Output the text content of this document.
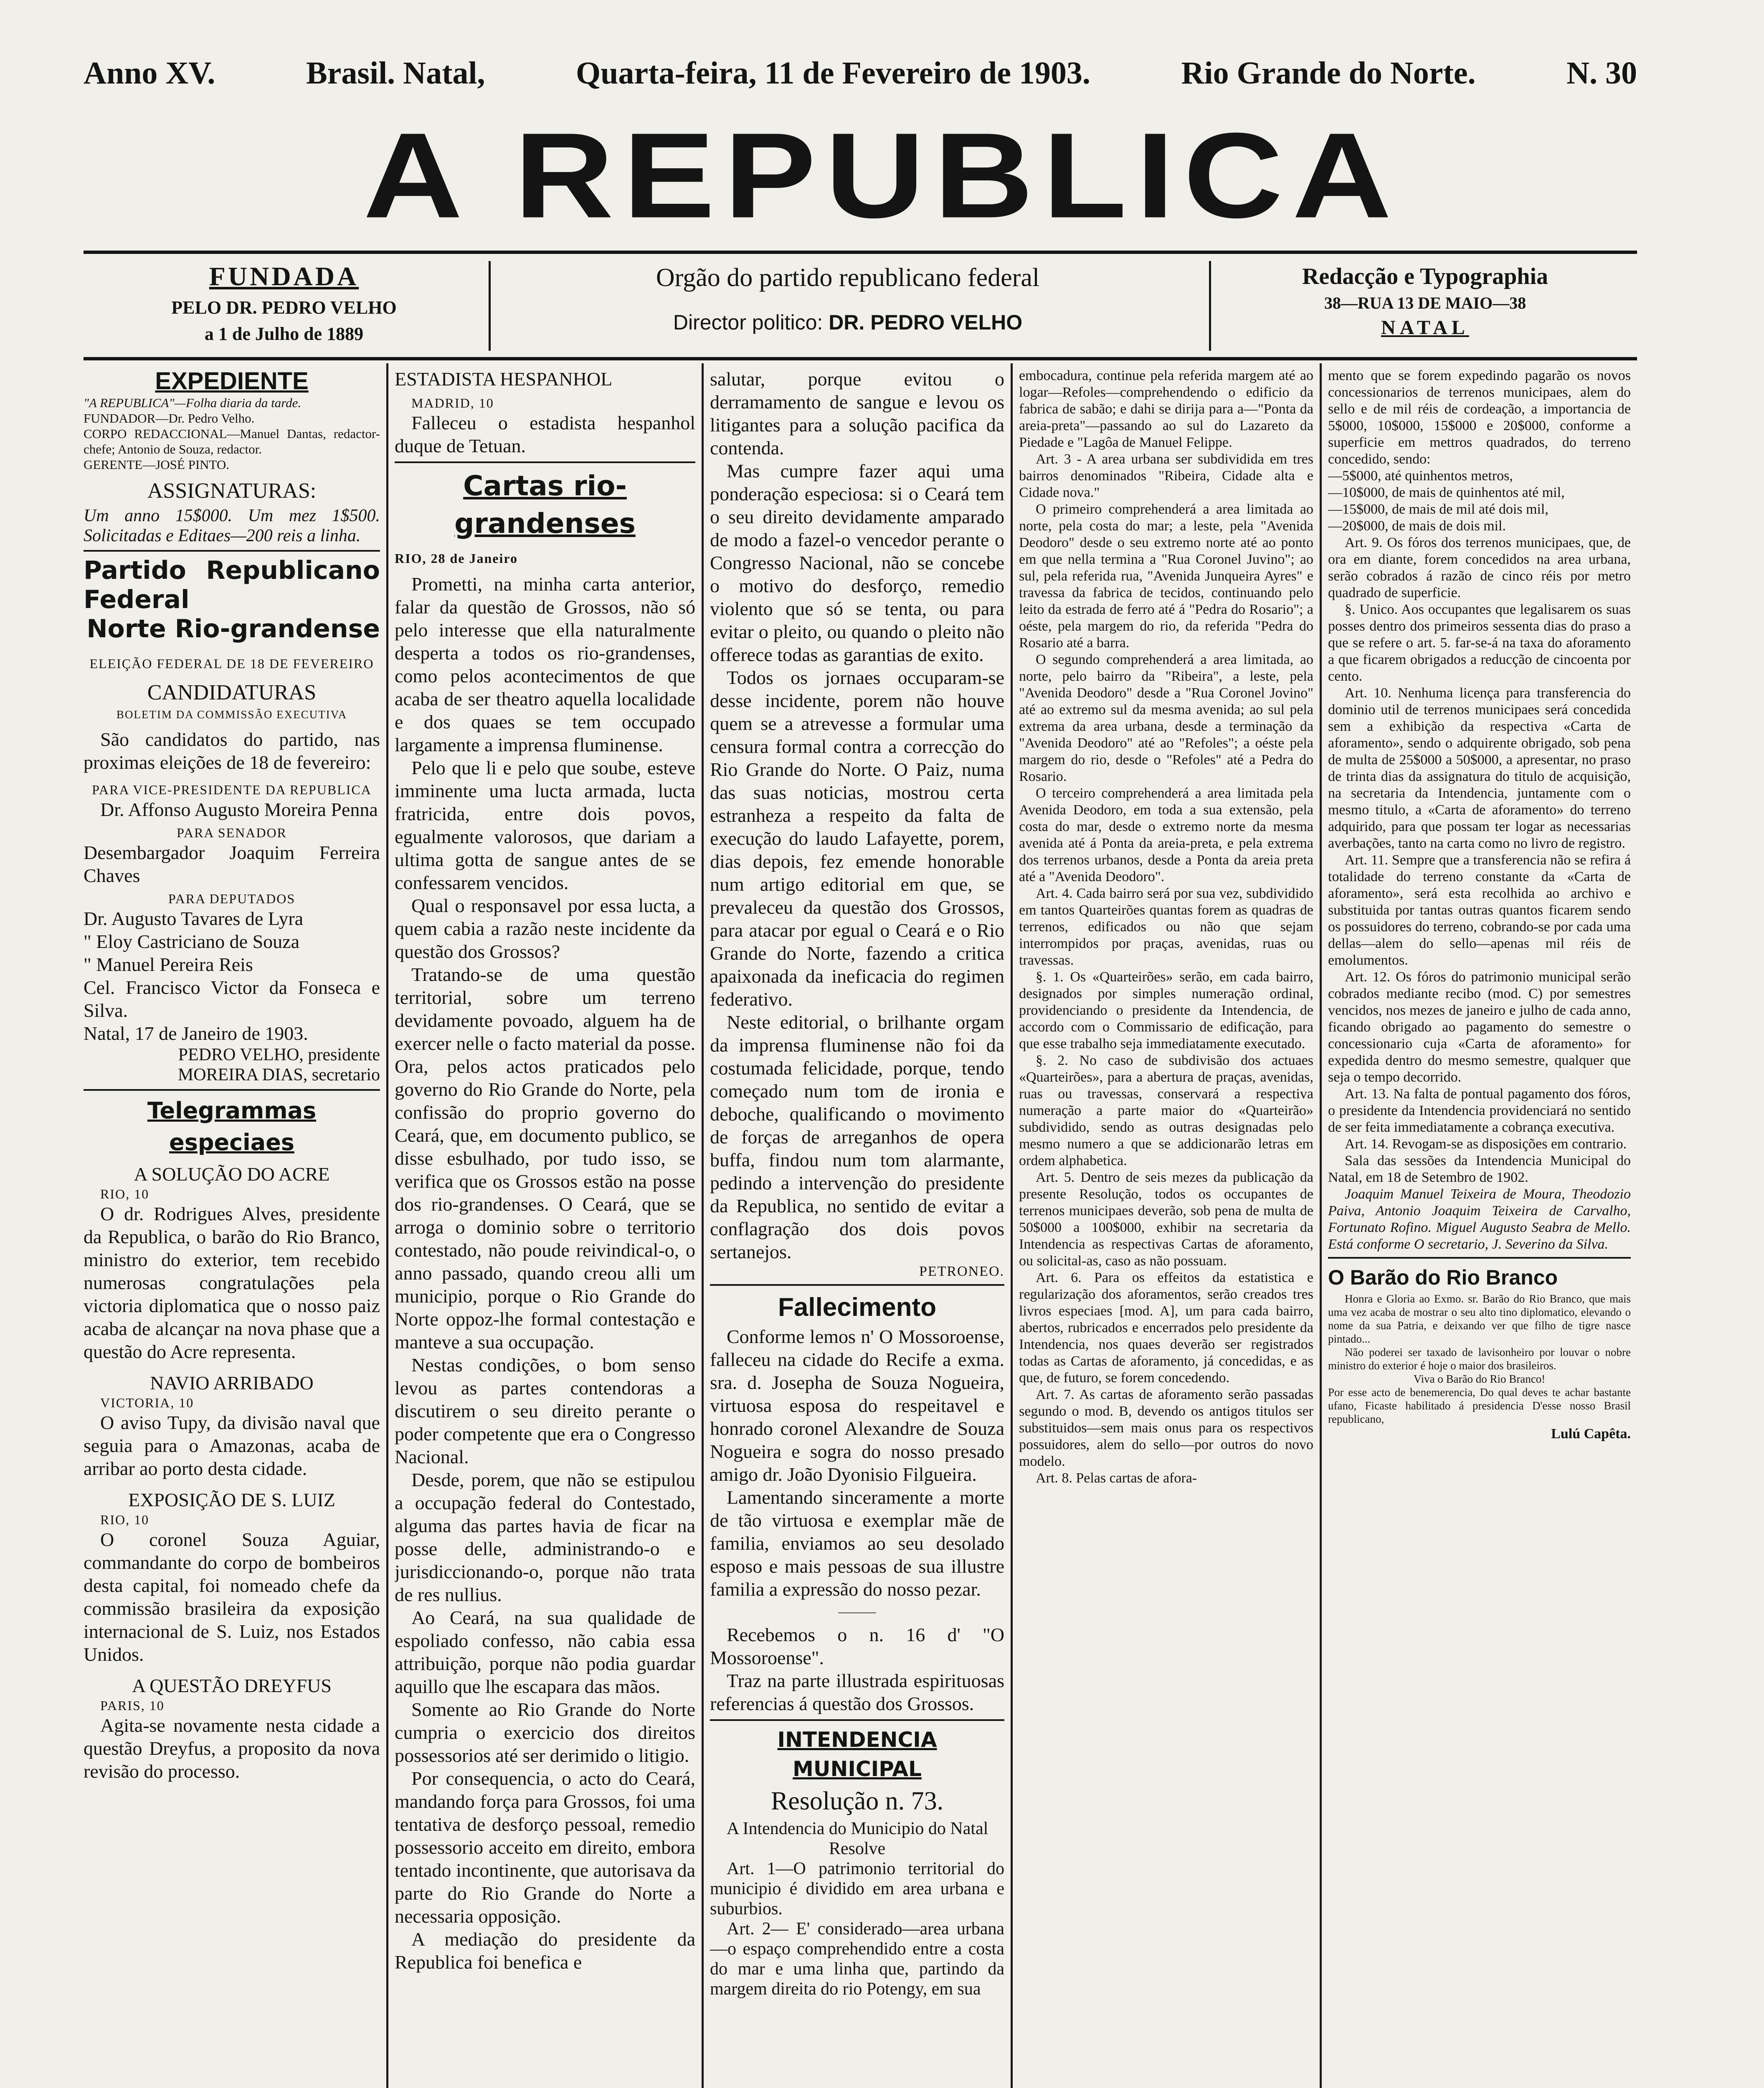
Anno XV.	Brasil. Natal,	Quarta-feira, 11 de Fevereiro de 1903.	Rio Grande do Norte.	N. 30
A REPUBLICA
FUNDADA
PELO DR. PEDRO VELHO
a 1 de Julho de 1889
Orgão do partido republicano federal
Director politico: DR. PEDRO VELHO
Redacção e Typographia
38—RUA 13 DE MAIO—38
NATAL
EXPEDIENTE
"A REPUBLICA"—Folha diaria da tarde.
FUNDADOR—Dr. Pedro Velho.
CORPO REDACCIONAL—Manuel Dantas, redactor-chefe; Antonio de Souza, redactor.
GERENTE—JOSÉ PINTO.
ASSIGNATURAS:
Um anno 15$000. Um mez 1$500. Solicitadas e Editaes—200 reis a linha.
Partido Republicano Federal
Norte Rio-grandense
ELEIÇÃO FEDERAL DE 18 DE FEVEREIRO
CANDIDATURAS
BOLETIM DA COMMISSÃO EXECUTIVA
São candidatos do partido, nas proximas eleições de 18 de fevereiro:
PARA VICE-PRESIDENTE DA REPUBLICA
Dr. Affonso Augusto Moreira Penna
PARA SENADOR
Desembargador Joaquim Ferreira Chaves
PARA DEPUTADOS
Dr. Augusto Tavares de Lyra
" Eloy Castriciano de Souza
" Manuel Pereira Reis
Cel. Francisco Victor da Fonseca e Silva.
Natal, 17 de Janeiro de 1903.
PEDRO VELHO, presidente
MOREIRA DIAS, secretario
Telegrammas especiaes
A SOLUÇÃO DO ACRE
RIO, 10
O dr. Rodrigues Alves, presidente da Republica, o barão do Rio Branco, ministro do exterior, tem recebido numerosas congratulações pela victoria diplomatica que o nosso paiz acaba de alcançar na nova phase que a questão do Acre representa.
NAVIO ARRIBADO
VICTORIA, 10
O aviso Tupy, da divisão naval que seguia para o Amazonas, acaba de arribar ao porto desta cidade.
EXPOSIÇÃO DE S. LUIZ
RIO, 10
O coronel Souza Aguiar, commandante do corpo de bombeiros desta capital, foi nomeado chefe da commissão brasileira da exposição internacional de S. Luiz, nos Estados Unidos.
A QUESTÃO DREYFUS
PARIS, 10
Agita-se novamente nesta cidade a questão Dreyfus, a proposito da nova revisão do processo.
ESTADISTA HESPANHOL
MADRID, 10
Falleceu o estadista hespanhol duque de Tetuan.
Cartas rio-grandenses
RIO, 28 de Janeiro
Prometti, na minha carta anterior, falar da questão de Grossos, não só pelo interesse que ella naturalmente desperta a todos os rio-grandenses, como pelos acontecimentos de que acaba de ser theatro aquella localidade e dos quaes se tem occupado largamente a imprensa fluminense.
Pelo que li e pelo que soube, esteve imminente uma lucta armada, lucta fratricida, entre dois povos, egualmente valorosos, que dariam a ultima gotta de sangue antes de se confessarem vencidos.
Qual o responsavel por essa lucta, a quem cabia a razão neste incidente da questão dos Grossos?
Tratando-se de uma questão territorial, sobre um terreno devidamente povoado, alguem ha de exercer nelle o facto material da posse. Ora, pelos actos praticados pelo governo do Rio Grande do Norte, pela confissão do proprio governo do Ceará, que, em documento publico, se disse esbulhado, por tudo isso, se verifica que os Grossos estão na posse dos rio-grandenses. O Ceará, que se arroga o dominio sobre o territorio contestado, não poude reivindical-o, o anno passado, quando creou alli um municipio, porque o Rio Grande do Norte oppoz-lhe formal contestação e manteve a sua occupação.
Nestas condições, o bom senso levou as partes contendoras a discutirem o seu direito perante o poder competente que era o Congresso Nacional.
Desde, porem, que não se estipulou a occupação federal do Contestado, alguma das partes havia de ficar na posse delle, administrando-o e jurisdiccionando-o, porque não trata de res nullius.
Ao Ceará, na sua qualidade de espoliado confesso, não cabia essa attribuição, porque não podia guardar aquillo que lhe escapara das mãos.
Somente ao Rio Grande do Norte cumpria o exercicio dos direitos possessorios até ser derimido o litigio.
Por consequencia, o acto do Ceará, mandando força para Grossos, foi uma tentativa de desforço pessoal, remedio possessorio acceito em direito, embora tentado incontinente, que autorisava da parte do Rio Grande do Norte a necessaria opposição.
A mediação do presidente da Republica foi benefica e
salutar, porque evitou o derramamento de sangue e levou os litigantes para a solução pacifica da contenda.
Mas cumpre fazer aqui uma ponderação especiosa: si o Ceará tem o seu direito devidamente amparado de modo a fazel-o vencedor perante o Congresso Nacional, não se concebe o motivo do desforço, remedio violento que só se tenta, ou para evitar o pleito, ou quando o pleito não offerece todas as garantias de exito.
Todos os jornaes occuparam-se desse incidente, porem não houve quem se a atrevesse a formular uma censura formal contra a correcção do Rio Grande do Norte. O Paiz, numa das suas noticias, mostrou certa estranheza a respeito da falta de execução do laudo Lafayette, porem, dias depois, fez emende honorable num artigo editorial em que, se prevaleceu da questão dos Grossos, para atacar por egual o Ceará e o Rio Grande do Norte, fazendo a critica apaixonada da ineficacia do regimen federativo.
Neste editorial, o brilhante orgam da imprensa fluminense não foi da costumada felicidade, porque, tendo começado num tom de ironia e deboche, qualificando o movimento de forças de arreganhos de opera buffa, findou num tom alarmante, pedindo a intervenção do presidente da Republica, no sentido de evitar a conflagração dos dois povos sertanejos.
PETRONEO.
Fallecimento
Conforme lemos n' O Mossoroense, falleceu na cidade do Recife a exma. sra. d. Josepha de Souza Nogueira, virtuosa esposa do respeitavel e honrado coronel Alexandre de Souza Nogueira e sogra do nosso presado amigo dr. João Dyonisio Filgueira.
Lamentando sinceramente a morte de tão virtuosa e exemplar mãe de familia, enviamos ao seu desolado esposo e mais pessoas de sua illustre familia a expressão do nosso pezar.
———
Recebemos o n. 16 d' "O Mossoroense".
Traz na parte illustrada espirituosas referencias á questão dos Grossos.
INTENDENCIA MUNICIPAL
Resolução n. 73.
A Intendencia do Municipio do Natal
Resolve
Art. 1—O patrimonio territorial do municipio é dividido em area urbana e suburbios.
Art. 2— E' considerado—area urbana—o espaço comprehendido entre a costa do mar e uma linha que, partindo da margem direita do rio Potengy, em sua
embocadura, continue pela referida margem até ao logar—Refoles—comprehendendo o edificio da fabrica de sabão; e dahi se dirija para a—"Ponta da areia-preta"—passando ao sul do Lazareto da Piedade e "Lagôa de Manuel Felippe.
Art. 3 - A area urbana ser subdividida em tres bairros denominados "Ribeira, Cidade alta e Cidade nova."
O primeiro comprehenderá a area limitada ao norte, pela costa do mar; a leste, pela "Avenida Deodoro" desde o seu extremo norte até ao ponto em que nella termina a "Rua Coronel Juvino"; ao sul, pela referida rua, "Avenida Junqueira Ayres" e travessa da fabrica de tecidos, continuando pelo leito da estrada de ferro até á "Pedra do Rosario"; a oéste, pela margem do rio, da referida "Pedra do Rosario até a barra.
O segundo comprehenderá a area limitada, ao norte, pelo bairro da "Ribeira", a leste, pela "Avenida Deodoro" desde a "Rua Coronel Jovino" até ao extremo sul da mesma avenida; ao sul pela extrema da area urbana, desde a terminação da "Avenida Deodoro" até ao "Refoles"; a oéste pela margem do rio, desde o "Refoles" até a Pedra do Rosario.
O terceiro comprehenderá a area limitada pela Avenida Deodoro, em toda a sua extensão, pela costa do mar, desde o extremo norte da mesma avenida até á Ponta da areia-preta, e pela extrema dos terrenos urbanos, desde a Ponta da areia preta até a "Avenida Deodoro".
Art. 4. Cada bairro será por sua vez, subdividido em tantos Quarteirões quantas forem as quadras de terrenos, edificados ou não que sejam interrompidos por praças, avenidas, ruas ou travessas.
§. 1. Os «Quarteirões» serão, em cada bairro, designados por simples numeração ordinal, providenciando o presidente da Intendencia, de accordo com o Commissario de edificação, para que esse trabalho seja immediatamente executado.
§. 2. No caso de subdivisão dos actuaes «Quarteirões», para a abertura de praças, avenidas, ruas ou travessas, conservará a respectiva numeração a parte maior do «Quarteirão» subdividido, sendo as outras designadas pelo mesmo numero a que se addicionarão letras em ordem alphabetica.
Art. 5. Dentro de seis mezes da publicação da presente Resolução, todos os occupantes de terrenos municipaes deverão, sob pena de multa de 50$000 a 100$000, exhibir na secretaria da Intendencia as respectivas Cartas de aforamento, ou solicital-as, caso as não possuam.
Art. 6. Para os effeitos da estatistica e regularização dos aforamentos, serão creados tres livros especiaes [mod. A], um para cada bairro, abertos, rubricados e encerrados pelo presidente da Intendencia, nos quaes deverão ser registrados todas as Cartas de aforamento, já concedidas, e as que, de futuro, se forem concedendo.
Art. 7. As cartas de aforamento serão passadas segundo o mod. B, devendo os antigos titulos ser substituidos—sem mais onus para os respectivos possuidores, alem do sello—por outros do novo modelo.
Art. 8. Pelas cartas de afora-
mento que se forem expedindo pagarão os novos concessionarios de terrenos municipaes, alem do sello e de mil réis de cordeação, a importancia de 5$000, 10$000, 15$000 e 20$000, conforme a superficie em mettros quadrados, do terreno concedido, sendo:
—5$000, até quinhentos metros,
—10$000, de mais de quinhentos até mil,
—15$000, de mais de mil até dois mil,
—20$000, de mais de dois mil.
Art. 9. Os fóros dos terrenos municipaes, que, de ora em diante, forem concedidos na area urbana, serão cobrados á razão de cinco réis por metro quadrado de superficie.
§. Unico. Aos occupantes que legalisarem os suas posses dentro dos primeiros sessenta dias do praso a que se refere o art. 5. far-se-á na taxa do aforamento a que ficarem obrigados a reducção de cincoenta por cento.
Art. 10. Nenhuma licença para transferencia do dominio util de terrenos municipaes será concedida sem a exhibição da respectiva «Carta de aforamento», sendo o adquirente obrigado, sob pena de multa de 25$000 a 50$000, a apresentar, no praso de trinta dias da assignatura do titulo de acquisição, na secretaria da Intendencia, juntamente com o mesmo titulo, a «Carta de aforamento» do terreno adquirido, para que possam ter logar as necessarias averbações, tanto na carta como no livro de registro.
Art. 11. Sempre que a transferencia não se refira á totalidade do terreno constante da «Carta de aforamento», será esta recolhida ao archivo e substituida por tantas outras quantos ficarem sendo os possuidores do terreno, cobrando-se por cada uma dellas—alem do sello—apenas mil réis de emolumentos.
Art. 12. Os fóros do patrimonio municipal serão cobrados mediante recibo (mod. C) por semestres vencidos, nos mezes de janeiro e julho de cada anno, ficando obrigado ao pagamento do semestre o concessionario cuja «Carta de aforamento» for expedida dentro do mesmo semestre, qualquer que seja o tempo decorrido.
Art. 13. Na falta de pontual pagamento dos fóros, o presidente da Intendencia providenciará no sentido de ser feita immediatamente a cobrança executiva.
Art. 14. Revogam-se as disposições em contrario.
Sala das sessões da Intendencia Municipal do Natal, em 18 de Setembro de 1902.
Joaquim Manuel Teixeira de Moura, Theodozio Paiva, Antonio Joaquim Teixeira de Carvalho, Fortunato Rofino. Miguel Augusto Seabra de Mello. Está conforme O secretario, J. Severino da Silva.
O Barão do Rio Branco
Honra e Gloria ao Exmo. sr. Barão do Rio Branco, que mais uma vez acaba de mostrar o seu alto tino diplomatico, elevando o nome da sua Patria, e deixando ver que filho de tigre nasce pintado...
Não poderei ser taxado de lavisonheiro por louvar o nobre ministro do exterior é hoje o maior dos brasileiros.
Viva o Barão do Rio Branco!
Por esse acto de benemerencia, Do qual deves te achar bastante ufano, Ficaste habilitado á presidencia D'esse nosso Brasil republicano,
Lulú Capêta.
